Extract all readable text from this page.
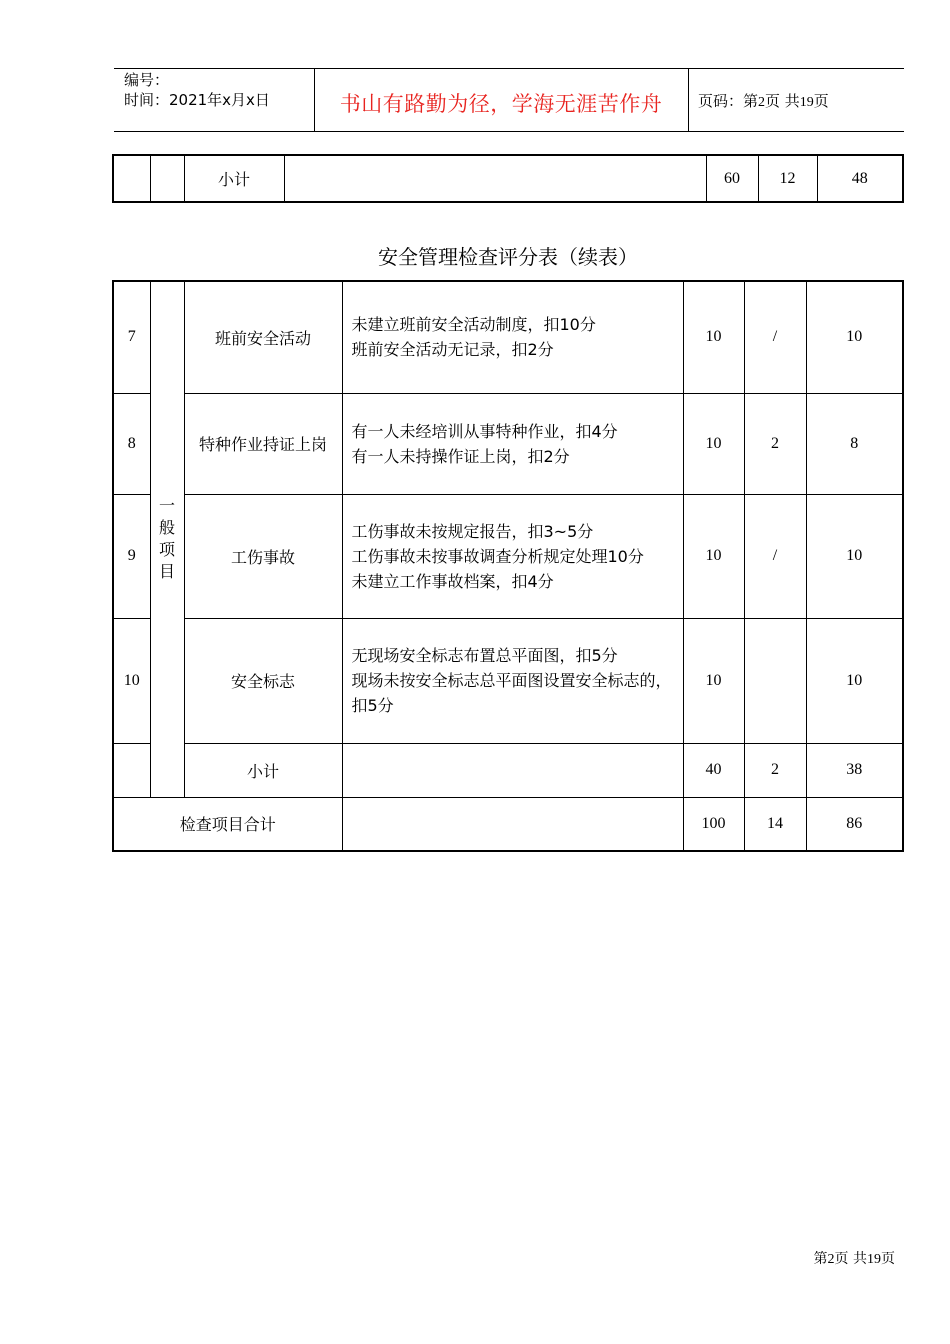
编号：
时间：2021年x月x日	书山有路勤为径，学海无涯苦作舟	页码：第2页 共19页
		小计		60	12	48
安全管理检查评分表（续表）
7	一
般
项
目	班前安全活动	未建立班前安全活动制度，扣10分
班前安全活动无记录，扣2分	10	/	10
8		特种作业持证上岗	有一人未经培训从事特种作业，扣4分
有一人未持操作证上岗，扣2分	10	2	8
9		工伤事故	工伤事故未按规定报告，扣3~5分
工伤事故未按事故调查分析规定处理10分
未建立工作事故档案，扣4分	10	/	10
10		安全标志	无现场安全标志布置总平面图，扣5分
现场未按安全标志总平面图设置安全标志的，扣5分	10		10
		小计		40	2	38
检查项目合计				100	14	86
第2页 共19页
